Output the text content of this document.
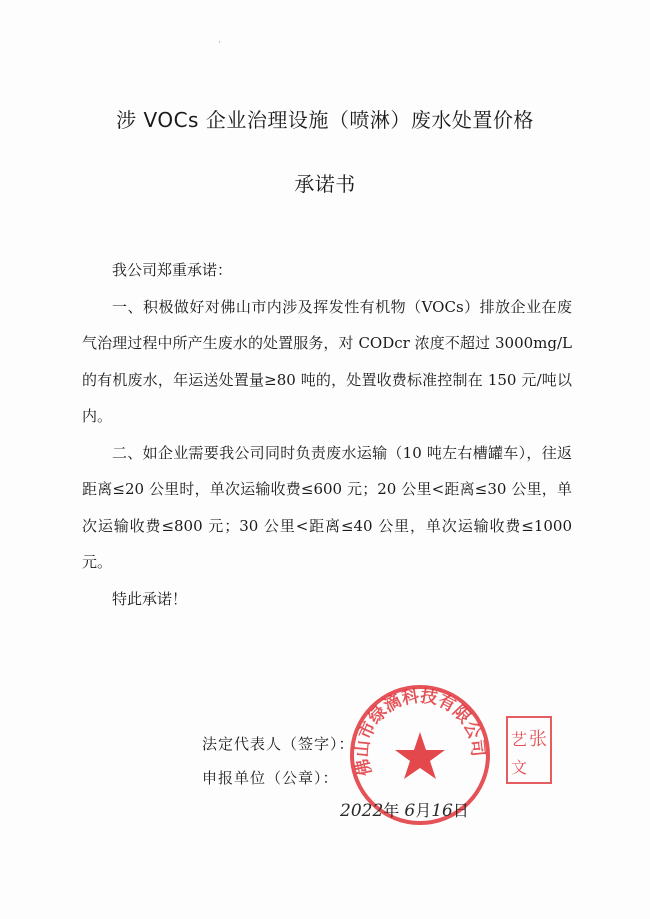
·
涉 VOCs 企业治理设施（喷淋）废水处置价格
承诺书

我公司郑重承诺：

一、积极做好对佛山市内涉及挥发性有机物（VOCs）排放企业在废气治理过程中所产生废水的处置服务，对 CODcr 浓度不超过 3000mg/L 的有机废水，年运送处置量≥80 吨的，处置收费标准控制在 150 元/吨以内。

二、如企业需要我公司同时负责废水运输（10 吨左右槽罐车），往返距离≤20 公里时，单次运输收费≤600 元；20 公里<距离≤30 公里，单次运输收费≤800 元；30 公里<距离≤40 公里，单次运输收费≤1000 元。

特此承诺！

法定代表人（签字）：
申报单位（公章）：
佛山市绿滴科技有限公司 张
艺
文
2022年 6月16日
